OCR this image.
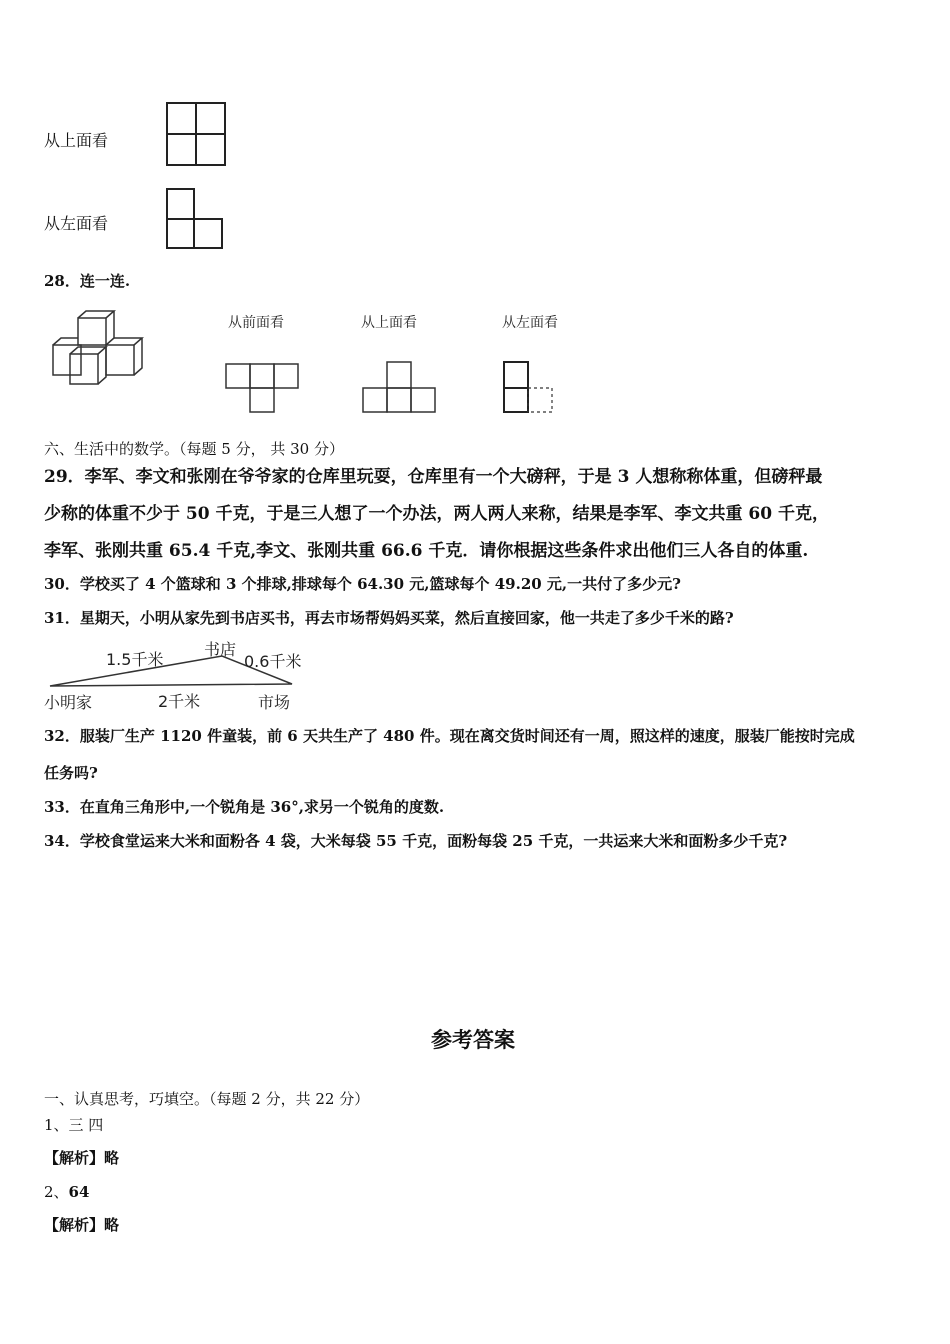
从上面看
从左面看
28．连一连.
从前面看	从上面看	从左面看
六、生活中的数学。（每题 5 分， 共 30 分）
29．李军、李文和张刚在爷爷家的仓库里玩耍，仓库里有一个大磅秤，于是 3 人想称称体重，但磅秤最
少称的体重不少于 50 千克，于是三人想了一个办法，两人两人来称，结果是李军、李文共重 60 千克，
李军、张刚共重 65.4 千克,李文、张刚共重 66.6 千克．请你根据这些条件求出他们三人各自的体重.
30．学校买了 4 个篮球和 3 个排球,排球每个 64.30 元,篮球每个 49.20 元,一共付了多少元?
31．星期天，小明从家先到书店买书，再去市场帮妈妈买菜，然后直接回家，他一共走了多少千米的路?
小明家
书店
市场
1.5千米	0.6千米
2千米
32．服装厂生产 1120 件童装，前 6 天共生产了 480 件。现在离交货时间还有一周，照这样的速度，服装厂能按时完成
任务吗?
33．在直角三角形中,一个锐角是 36°,求另一个锐角的度数.
34．学校食堂运来大米和面粉各 4 袋，大米每袋 55 千克，面粉每袋 25 千克，一共运来大米和面粉多少千克?
参考答案
一、认真思考，巧填空。（每题 2 分，共 22 分）
1、三 四
【解析】略
2、64
【解析】略
